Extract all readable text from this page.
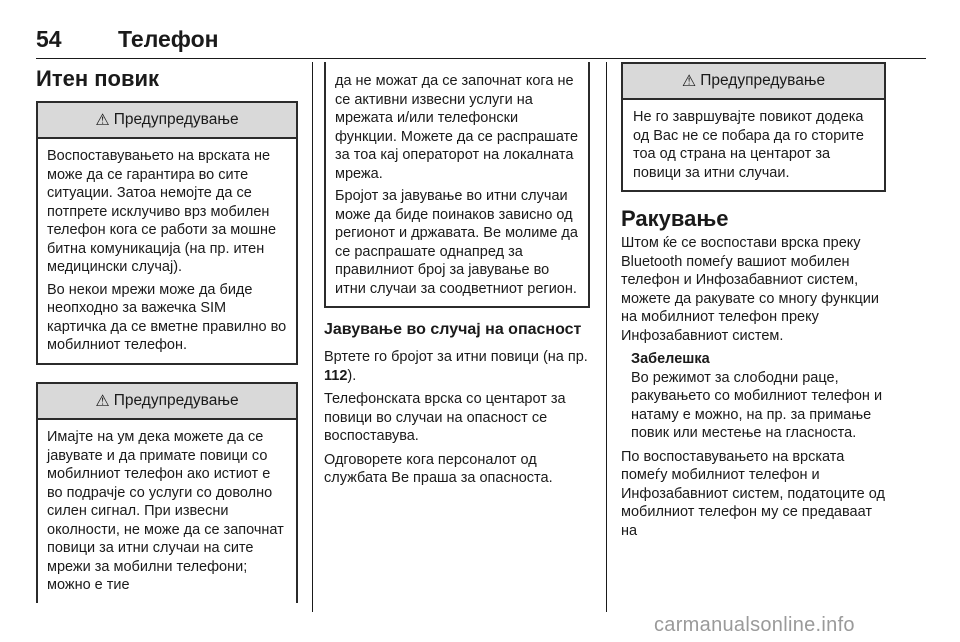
54 Телефон
Итен повик
⚠ Предупредување

Воспоставувањето на врската не може да се гарантира во сите ситуации. Затоа немојте да се потпрете исклучиво врз мобилен телефон кога се работи за мошне битна комуникација (на пр. итен медицински случај).

Во некои мрежи може да биде неопходно за важечка SIM картичка да се вметне правилно во мобилниот телефон.

⚠ Предупредување

Имајте на ум дека можете да се јавувате и да примате повици со мобилниот телефон ако истиот е во подрачје со услуги со доволно силен сигнал. При извесни околности, не може да се започнат повици за итни случаи на сите мрежи за мобилни телефони; можно е тие

да не можат да се започнат кога не се активни извесни услуги на мрежата и/или телефонски функции. Можете да се распрашате за тоа кај операторот на локалната мрежа.

Бројот за јавување во итни случаи може да биде поинаков зависно од регионот и државата. Ве молиме да се распрашате однапред за правилниот број за јавување во итни случаи за соодветниот регион.

Јавување во случај на опасност

Вртете го бројот за итни повици (на пр. 112).

Телефонската врска со центарот за повици во случаи на опасност се воспоставува.

Одговорете кога персоналот од службата Ве праша за опасноста.

⚠ Предупредување

Не го завршувајте повикот додека од Вас не се побара да го сторите тоа од страна на центарот за повици за итни случаи.

Ракување

Штом ќе се воспостави врска преку Bluetooth помеѓу вашиот мобилен телефон и Инфозабавниот систем, можете да ракувате со многу функции на мобилниот телефон преку Инфозабавниот систем.

Забелешка

Во режимот за слободни раце, ракувањето со мобилниот телефон и натаму е можно, на пр. за примање повик или местење на гласноста.

По воспоставувањето на врската помеѓу мобилниот телефон и Инфозабавниот систем, податоците од мобилниот телефон му се предаваат на

carmanualsonline.info
